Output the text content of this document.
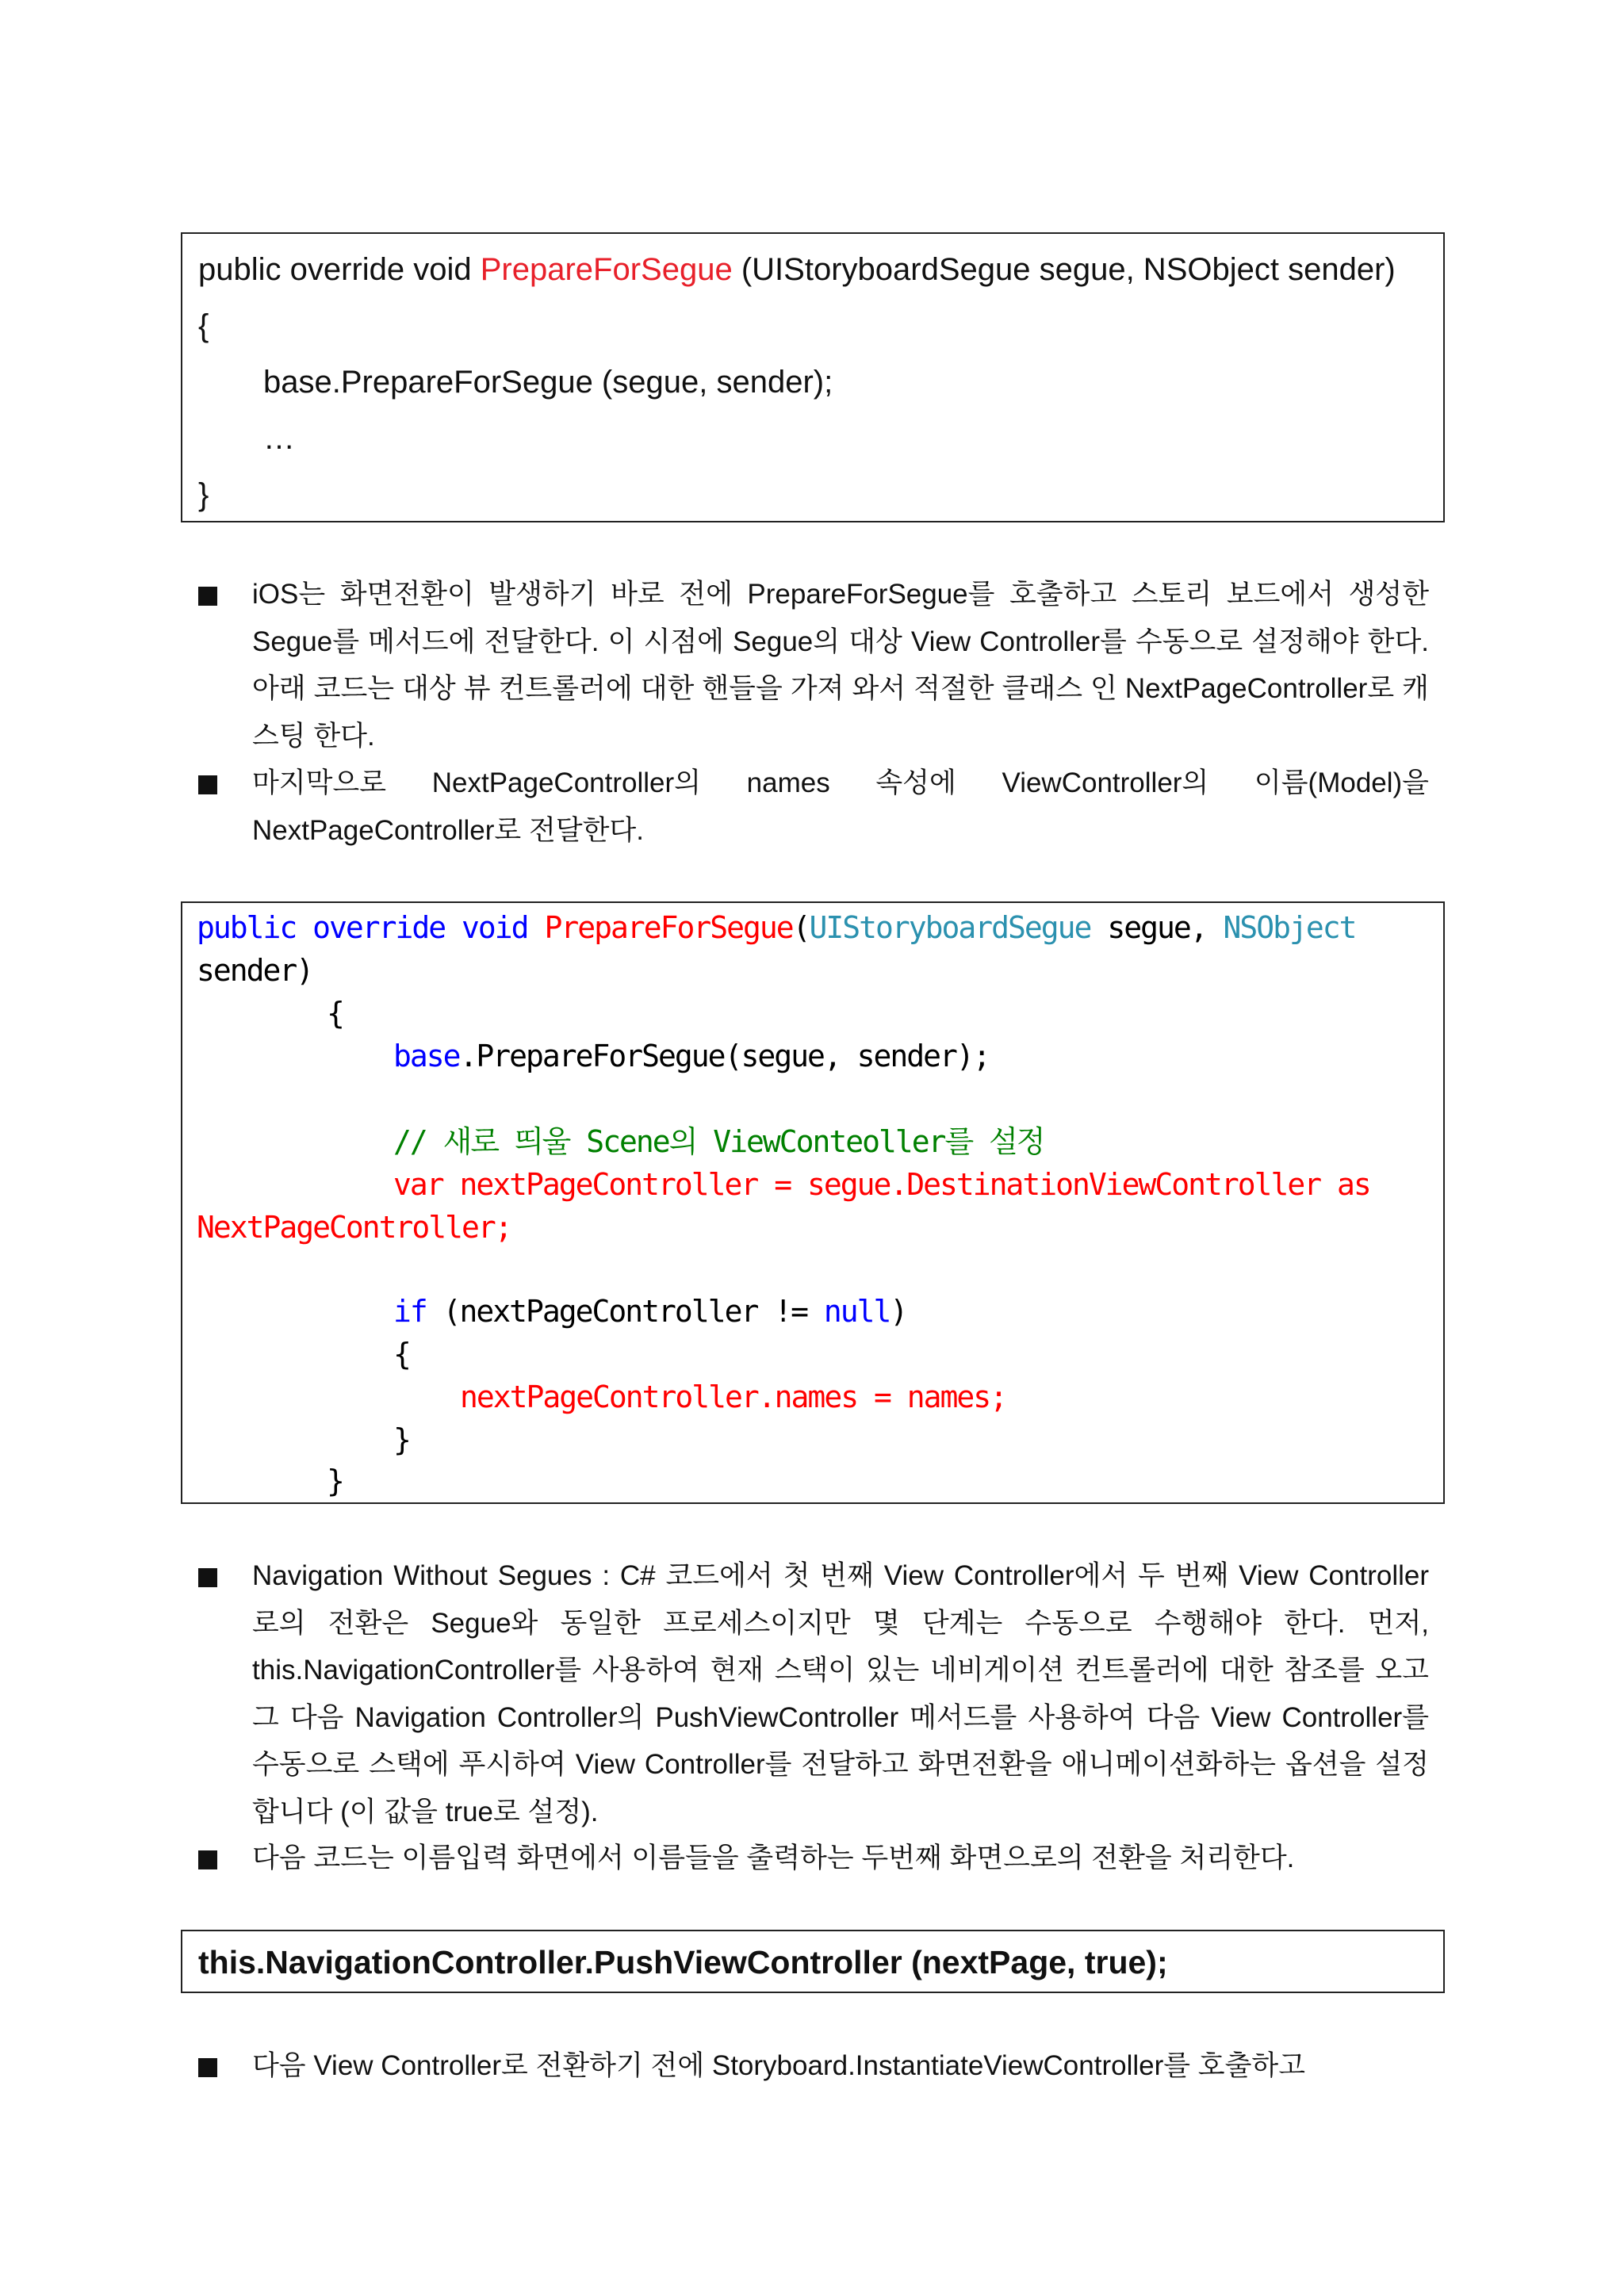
public override void PrepareForSegue (UIStoryboardSegue segue, NSObject sender)
{
base.PrepareForSegue (segue, sender);
…
}
iOS는 화면전환이 발생하기 바로 전에 PrepareForSegue를 호출하고 스토리 보드에서 생성한 Segue를 메서드에 전달한다. 이 시점에 Segue의 대상 View Controller를 수동으로 설정해야 한다. 아래 코드는 대상 뷰 컨트롤러에 대한 핸들을 가져 와서 적절한 클래스 인 NextPageController로 캐스팅 한다.
마지막으로 NextPageController의 names 속성에 ViewController의 이름(Model)을 NextPageController로 전달한다.
public override void PrepareForSegue(UIStoryboardSegue segue, NSObject
sender)
{
base.PrepareForSegue(segue, sender);
// 새로 띄울 Scene의 ViewConteoller를 설정
var nextPageController = segue.DestinationViewController as
NextPageController;
if (nextPageController != null)
{
nextPageController.names = names;
}
}
Navigation Without Segues : C# 코드에서 첫 번째 View Controller에서 두 번째 View Controller 로의 전환은 Segue와 동일한 프로세스이지만 몇 단계는 수동으로 수행해야 한다. 먼저, this.NavigationController를 사용하여 현재 스택이 있는 네비게이션 컨트롤러에 대한 참조를 오고 그 다음 Navigation Controller의 PushViewController 메서드를 사용하여 다음 View Controller를 수동으로 스택에 푸시하여 View Controller를 전달하고 화면전환을 애니메이션화하는 옵션을 설정합니다 (이 값을 true로 설정).
다음 코드는 이름입력 화면에서 이름들을 출력하는 두번째 화면으로의 전환을 처리한다.
this.NavigationController.PushViewController (nextPage, true);
다음 View Controller로 전환하기 전에 Storyboard.InstantiateViewController를 호출하고
